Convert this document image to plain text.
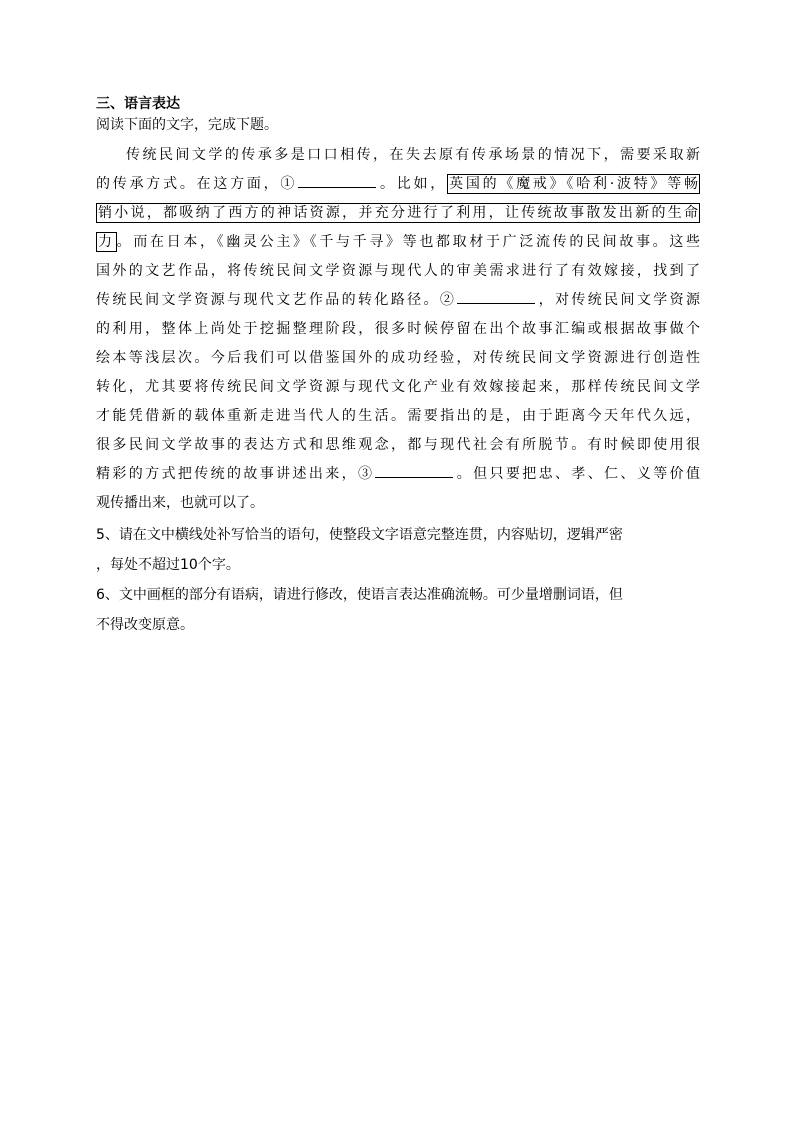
三、语言表达
阅读下面的文字，完成下题。
传统民间文学的传承多是口口相传，在失去原有传承场景的情况下，需要采取新
的传承方式。在这方面，①	。比如， 英国的《魔戒》《哈利·波特》等畅
销小说，都吸纳了西方的神话资源，并充分进行了利用，让传统故事散发出新的生命
力 。而在日本，《幽灵公主》《千与千寻》等也都取材于广泛流传的民间故事。这些
国外的文艺作品，将传统民间文学资源与现代人的审美需求进行了有效嫁接，找到了
传统民间文学资源与现代文艺作品的转化路径。②	，对传统民间文学资源
的利用，整体上尚处于挖掘整理阶段，很多时候停留在出个故事汇编或根据故事做个
绘本等浅层次。今后我们可以借鉴国外的成功经验，对传统民间文学资源进行创造性
转化，尤其要将传统民间文学资源与现代文化产业有效嫁接起来，那样传统民间文学
才能凭借新的载体重新走进当代人的生活。需要指出的是，由于距离今天年代久远，
很多民间文学故事的表达方式和思维观念，都与现代社会有所脱节。有时候即使用很
精彩的方式把传统的故事讲述出来，③	。但只要把忠、孝、仁、义等价值
观传播出来，也就可以了。
5、请在文中横线处补写恰当的语句，使整段文字语意完整连贯，内容贴切，逻辑严密
，每处不超过10个字。
6、文中画框的部分有语病，请进行修改，使语言表达准确流畅。可少量增删词语，但
不得改变原意。
